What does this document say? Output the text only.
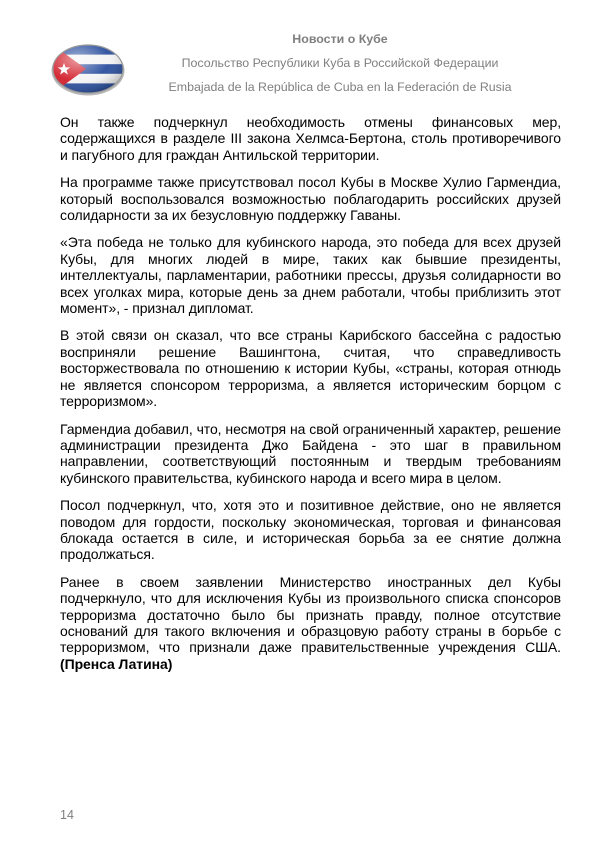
Новости о Кубе
Посольство Республики Куба в Российской Федерации
Embajada de la República de Cuba en la Federación de Rusia

Он также подчеркнул необходимость отмены финансовых мер, содержащихся в разделе III закона Хелмса-Бертона, столь противоречивого и пагубного для граждан Антильской территории.

На программе также присутствовал посол Кубы в Москве Хулио Гармендиа, который воспользовался возможностью поблагодарить российских друзей солидарности за их безусловную поддержку Гаваны.

«Эта победа не только для кубинского народа, это победа для всех друзей Кубы, для многих людей в мире, таких как бывшие президенты, интеллектуалы, парламентарии, работники прессы, друзья солидарности во всех уголках мира, которые день за днем работали, чтобы приблизить этот момент», - признал дипломат.

В этой связи он сказал, что все страны Карибского бассейна с радостью восприняли решение Вашингтона, считая, что справедливость восторжествовала по отношению к истории Кубы, «страны, которая отнюдь не является спонсором терроризма, а является историческим борцом с терроризмом».

Гармендиа добавил, что, несмотря на свой ограниченный характер, решение администрации президента Джо Байдена - это шаг в правильном направлении, соответствующий постоянным и твердым требованиям кубинского правительства, кубинского народа и всего мира в целом.

Посол подчеркнул, что, хотя это и позитивное действие, оно не является поводом для гордости, поскольку экономическая, торговая и финансовая блокада остается в силе, и историческая борьба за ее снятие должна продолжаться.

Ранее в своем заявлении Министерство иностранных дел Кубы подчеркнуло, что для исключения Кубы из произвольного списка спонсоров терроризма достаточно было бы признать правду, полное отсутствие оснований для такого включения и образцовую работу страны в борьбе с терроризмом, что признали даже правительственные учреждения США. (Пренса Латина)

14
